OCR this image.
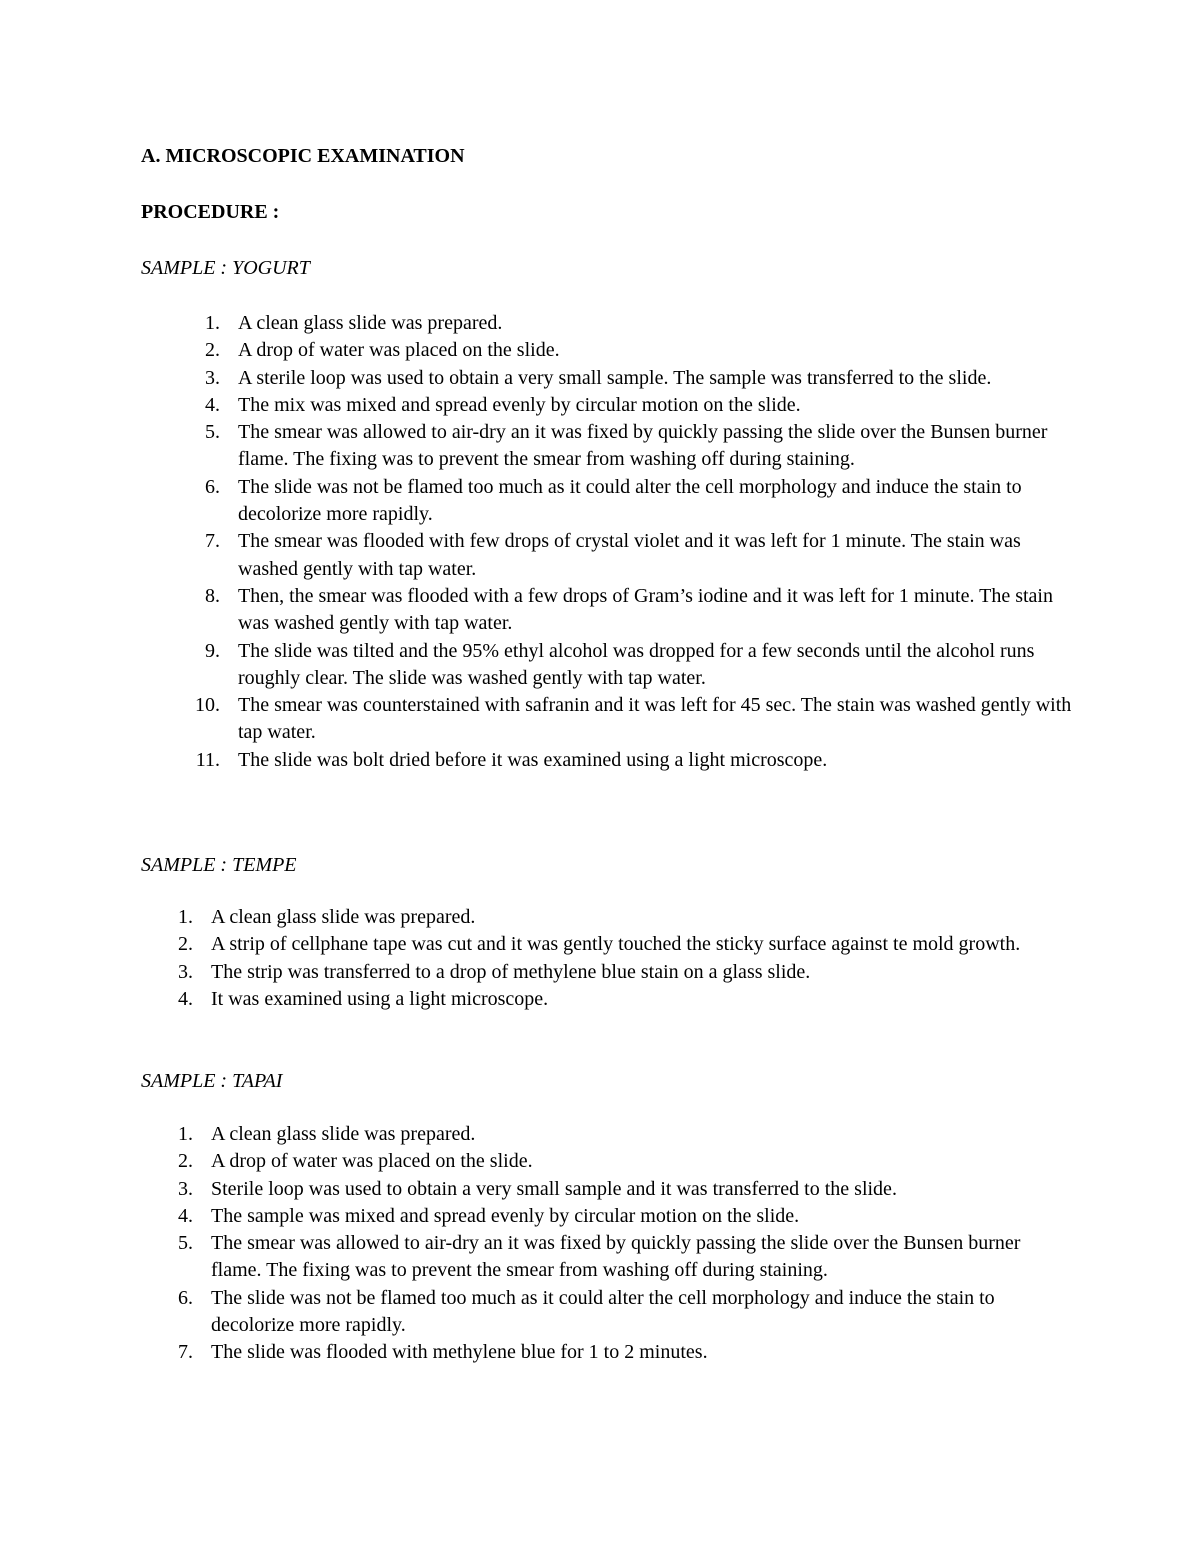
A. MICROSCOPIC EXAMINATION
PROCEDURE :
SAMPLE : YOGURT
1. A clean glass slide was prepared.
2. A drop of water was placed on the slide.
3. A sterile loop was used to obtain a very small sample. The sample was transferred to the slide.
4. The mix was mixed and spread evenly by circular motion on the slide.
5. The smear was allowed to air-dry an it was fixed by quickly passing the slide over the Bunsen burner flame. The fixing was to prevent the smear from washing off during staining.
6. The slide was not be flamed too much as it could alter the cell morphology and induce the stain to decolorize more rapidly.
7. The smear was flooded with few drops of crystal violet and it was left for 1 minute. The stain was washed gently with tap water.
8. Then, the smear was flooded with a few drops of Gram’s iodine and it was left for 1 minute. The stain was washed gently with tap water.
9. The slide was tilted and the 95% ethyl alcohol was dropped for a few seconds until the alcohol runs roughly clear. The slide was washed gently with tap water.
10. The smear was counterstained with safranin and it was left for 45 sec. The stain was washed gently with tap water.
11. The slide was bolt dried before it was examined using a light microscope.
SAMPLE : TEMPE
1. A clean glass slide was prepared.
2. A strip of cellphane tape was cut and it was gently touched the sticky surface against te mold growth.
3. The strip was transferred to a drop of methylene blue stain on a glass slide.
4. It was examined using a light microscope.
SAMPLE : TAPAI
1. A clean glass slide was prepared.
2. A drop of water was placed on the slide.
3. Sterile loop was used to obtain a very small sample and it was transferred to the slide.
4. The sample was mixed and spread evenly by circular motion on the slide.
5. The smear was allowed to air-dry an it was fixed by quickly passing the slide over the Bunsen burner flame. The fixing was to prevent the smear from washing off during staining.
6. The slide was not be flamed too much as it could alter the cell morphology and induce the stain to decolorize more rapidly.
7. The slide was flooded with methylene blue for 1 to 2 minutes.
